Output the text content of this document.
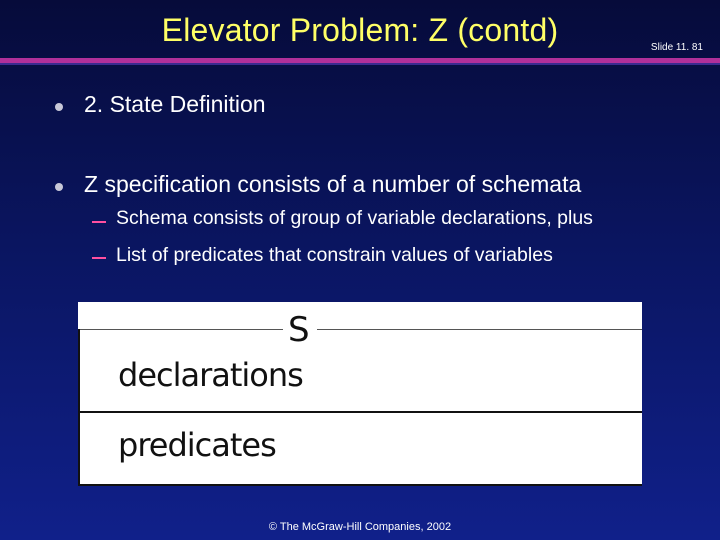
Elevator Problem: Z (contd)	Slide 11. 81
2. State Definition
Z specification consists of a number of schemata
Schema consists of group of variable declarations, plus
List of predicates that constrain values of variables
S
declarations
predicates
© The McGraw-Hill Companies, 2002
